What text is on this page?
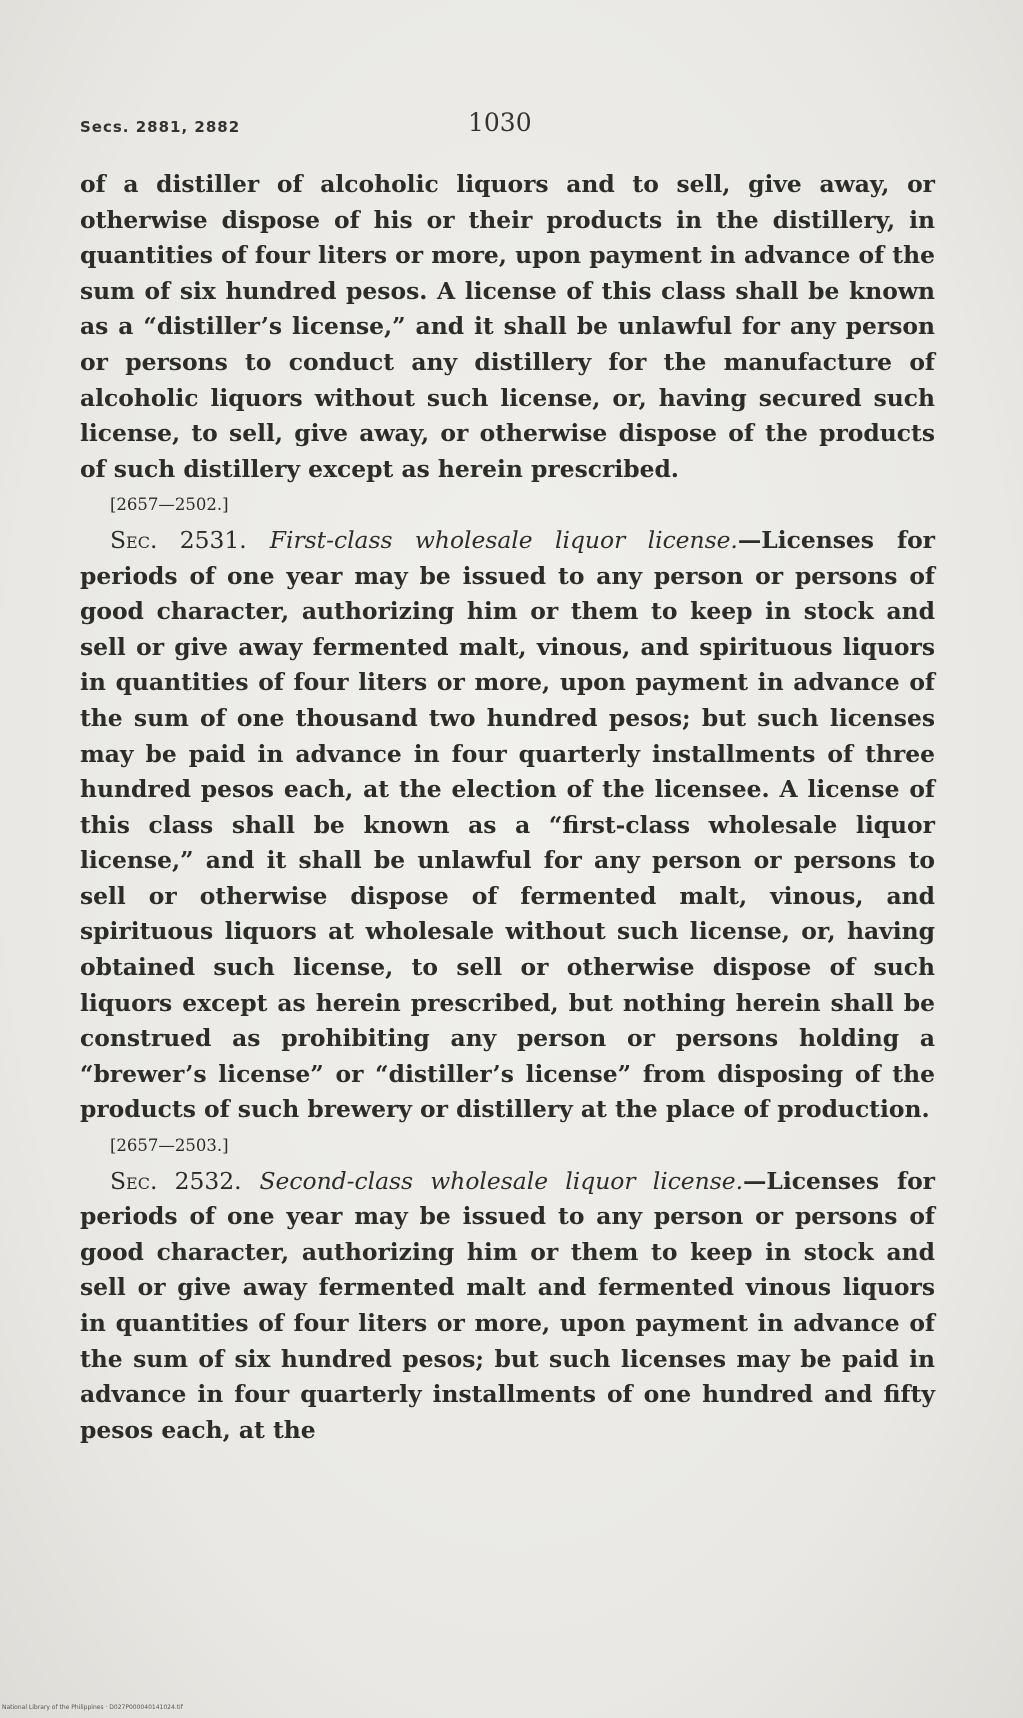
Secs. 2881, 2882	1030

of a distiller of alcoholic liquors and to sell, give away, or otherwise dispose of his or their products in the distillery, in quantities of four liters or more, upon payment in advance of the sum of six hundred pesos. A license of this class shall be known as a “distiller’s license,” and it shall be unlawful for any person or persons to conduct any distillery for the manufacture of alcoholic liquors without such license, or, having secured such license, to sell, give away, or otherwise dispose of the products of such distillery except as herein prescribed.

[2657—2502.]

Sec. 2531. First-class wholesale liquor license.—Licenses for periods of one year may be issued to any person or persons of good character, authorizing him or them to keep in stock and sell or give away fermented malt, vinous, and spirituous liquors in quantities of four liters or more, upon payment in advance of the sum of one thousand two hundred pesos; but such licenses may be paid in advance in four quarterly installments of three hundred pesos each, at the election of the licensee. A license of this class shall be known as a “first-class wholesale liquor license,” and it shall be unlawful for any person or persons to sell or otherwise dispose of fermented malt, vinous, and spirituous liquors at wholesale without such license, or, having obtained such license, to sell or otherwise dispose of such liquors except as herein prescribed, but nothing herein shall be construed as prohibiting any person or persons holding a “brewer’s license” or “distiller’s license” from disposing of the products of such brewery or distillery at the place of production.

[2657—2503.]

Sec. 2532. Second-class wholesale liquor license.—Licenses for periods of one year may be issued to any person or persons of good character, authorizing him or them to keep in stock and sell or give away fermented malt and fermented vinous liquors in quantities of four liters or more, upon payment in advance of the sum of six hundred pesos; but such licenses may be paid in advance in four quarterly installments of one hundred and fifty pesos each, at the

National Library of the Philippines · D027P000040141024.tif
